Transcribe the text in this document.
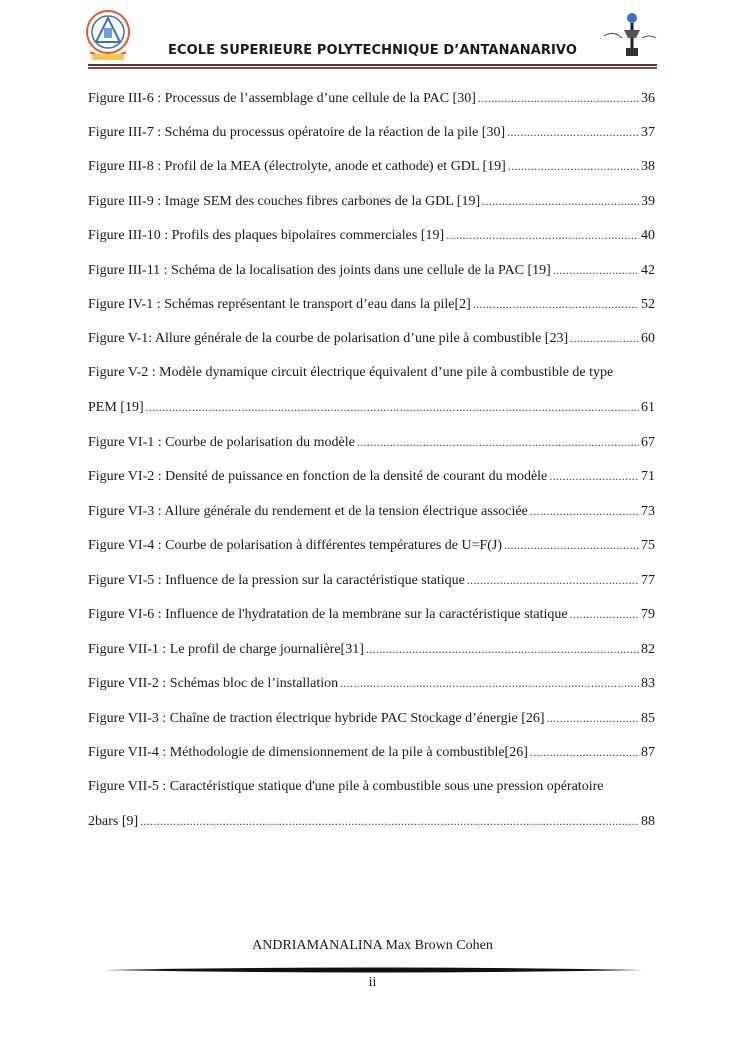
ECOLE SUPERIEURE POLYTECHNIQUE D’ANTANANARIVO
Figure III-6 : Processus de l’assemblage d’une cellule de la PAC [30] .....	36
Figure III-7 : Schéma du processus opératoire de la réaction de la pile [30] .....	37
Figure III-8 : Profil de la MEA (électrolyte, anode et cathode) et GDL [19] .....	38
Figure III-9 : Image SEM des couches fibres carbones de la GDL [19] .....	39
Figure III-10 : Profils des plaques bipolaires commerciales [19] .....	40
Figure III-11 : Schéma de la localisation des joints dans une cellule de la PAC [19] .....	42
Figure IV-1 : Schémas représentant le transport d’eau dans la pile[2] .....	52
Figure V-1: Allure générale de la courbe de polarisation d’une pile à combustible [23] .....	60
Figure V-2 : Modèle dynamique circuit électrique équivalent d’une pile à combustible de type
PEM [19] .....	61
Figure VI-1 : Courbe de polarisation du modèle .....	67
Figure VI-2 : Densité de puissance en fonction de la densité de courant du modèle .....	71
Figure VI-3 : Allure générale du rendement et de la tension électrique associée .....	73
Figure VI-4 : Courbe de polarisation à différentes températures de U=F(J) .....	75
Figure VI-5 : Influence de la pression sur la caractéristique statique .....	77
Figure VI-6 : Influence de l'hydratation de la membrane sur la caractéristique statique .....	79
Figure VII-1 : Le profil de charge journalière[31] .....	82
Figure VII-2 : Schémas bloc de l’installation .....	83
Figure VII-3 : Chaîne de traction électrique hybride PAC Stockage d’énergie [26] .....	85
Figure VII-4 : Méthodologie de dimensionnement de la pile à combustible[26] .....	87
Figure VII-5 : Caractéristique statique d'une pile à combustible sous une pression opératoire
2bars [9] .....	88
ANDRIAMANALINA Max Brown Cohen
ii
